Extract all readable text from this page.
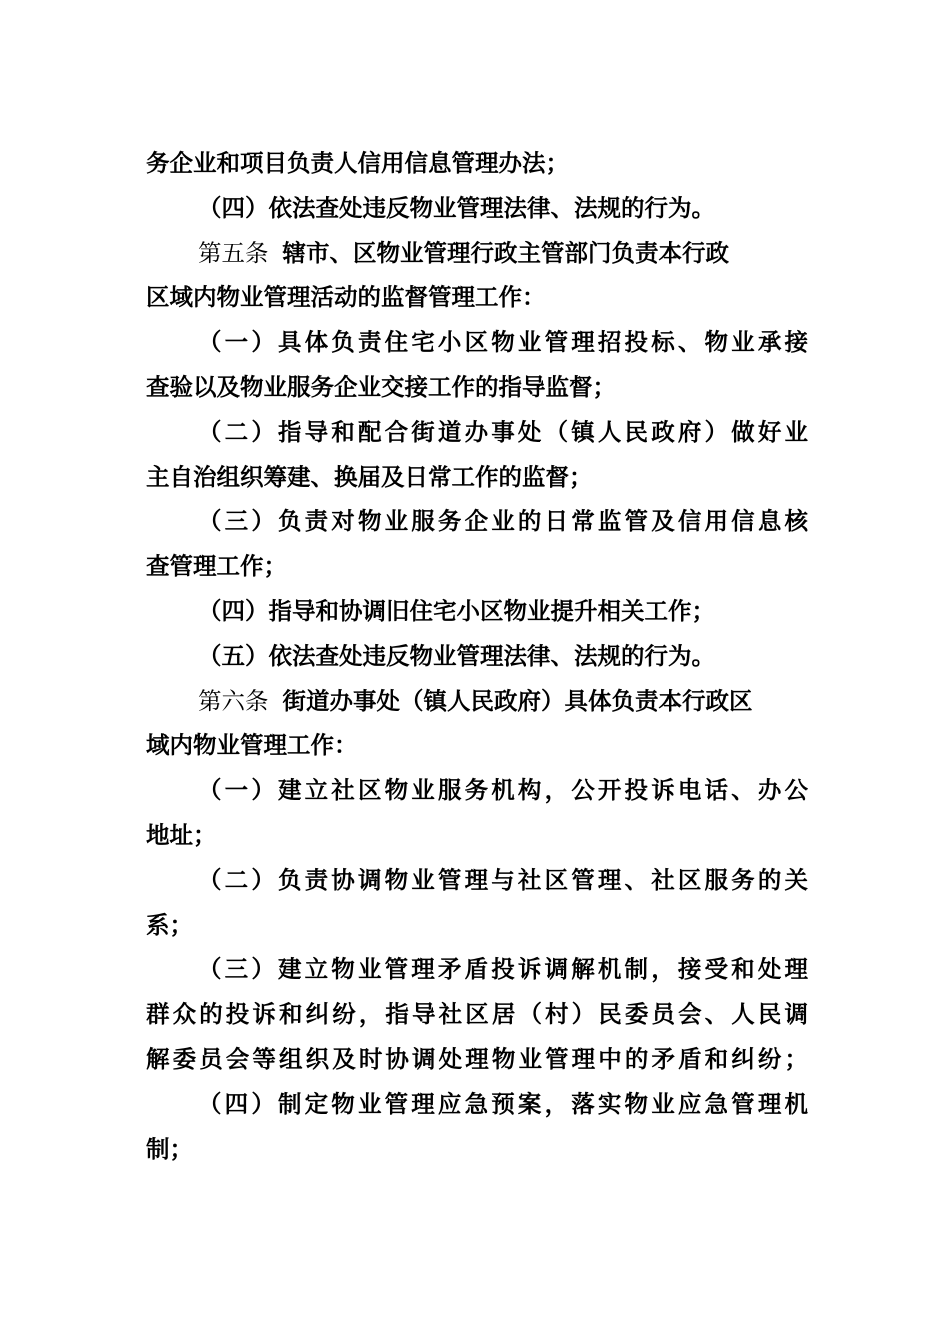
务企业和项目负责人信用信息管理办法；
（四）依法查处违反物业管理法律、法规的行为。
第五条 辖市、区物业管理行政主管部门负责本行政
区域内物业管理活动的监督管理工作：
（一）具体负责住宅小区物业管理招投标、物业承接
查验以及物业服务企业交接工作的指导监督；
（二）指导和配合街道办事处（镇人民政府）做好业
主自治组织筹建、换届及日常工作的监督；
（三）负责对物业服务企业的日常监管及信用信息核
查管理工作；
（四）指导和协调旧住宅小区物业提升相关工作；
（五）依法查处违反物业管理法律、法规的行为。
第六条 街道办事处（镇人民政府）具体负责本行政区
域内物业管理工作：
（一）建立社区物业服务机构，公开投诉电话、办公
地址；
（二）负责协调物业管理与社区管理、社区服务的关
系；
（三）建立物业管理矛盾投诉调解机制，接受和处理
群众的投诉和纠纷，指导社区居（村）民委员会、人民调
解委员会等组织及时协调处理物业管理中的矛盾和纠纷；
（四）制定物业管理应急预案，落实物业应急管理机
制；
